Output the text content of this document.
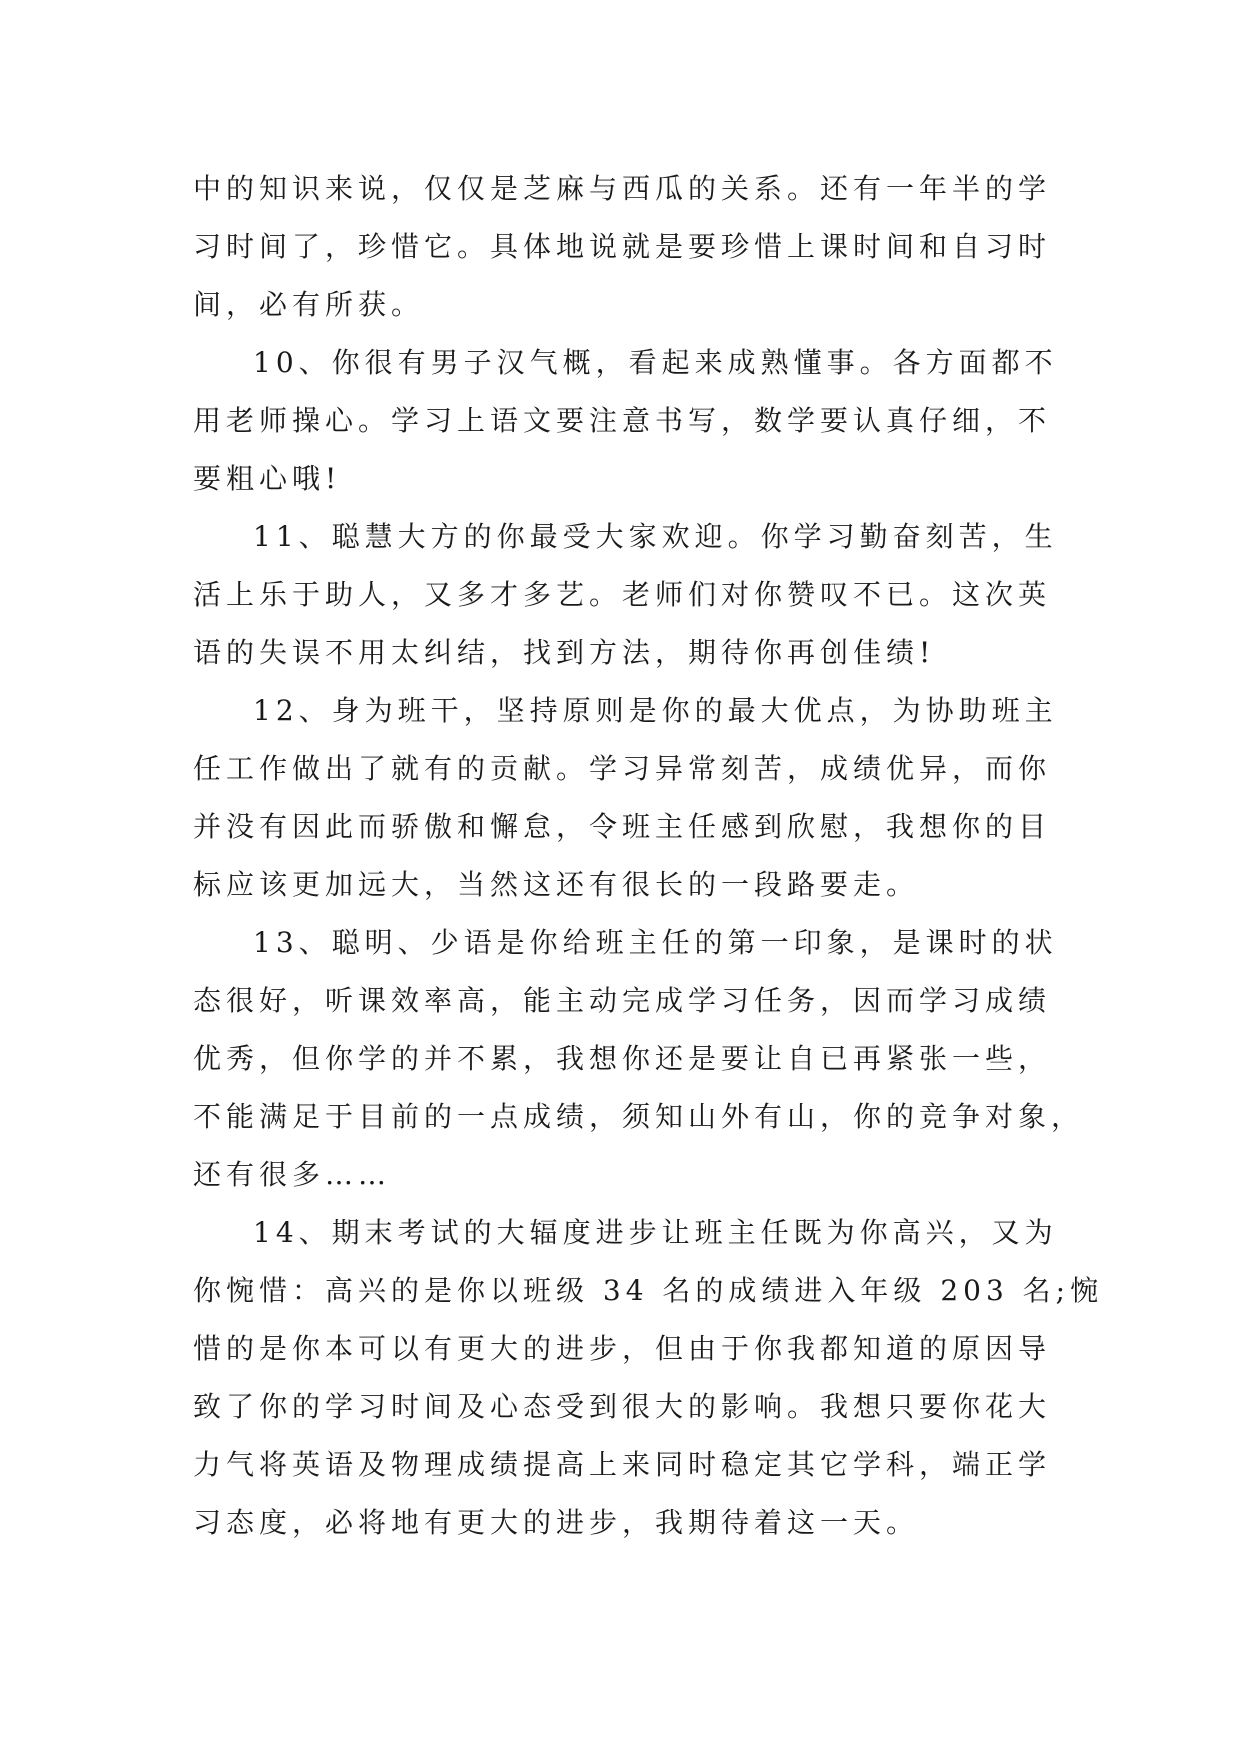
中的知识来说，仅仅是芝麻与西瓜的关系。还有一年半的学
习时间了，珍惜它。具体地说就是要珍惜上课时间和自习时
间，必有所获。

10、你很有男子汉气概，看起来成熟懂事。各方面都不
用老师操心。学习上语文要注意书写，数学要认真仔细，不
要粗心哦!

11、聪慧大方的你最受大家欢迎。你学习勤奋刻苦，生
活上乐于助人，又多才多艺。老师们对你赞叹不已。这次英
语的失误不用太纠结，找到方法，期待你再创佳绩!

12、身为班干，坚持原则是你的最大优点，为协助班主
任工作做出了就有的贡献。学习异常刻苦，成绩优异，而你
并没有因此而骄傲和懈怠，令班主任感到欣慰，我想你的目
标应该更加远大，当然这还有很长的一段路要走。

13、聪明、少语是你给班主任的第一印象，是课时的状
态很好，听课效率高，能主动完成学习任务，因而学习成绩
优秀，但你学的并不累，我想你还是要让自已再紧张一些，
不能满足于目前的一点成绩，须知山外有山，你的竞争对象，
还有很多……

14、期末考试的大辐度进步让班主任既为你高兴，又为
你惋惜：高兴的是你以班级 34 名的成绩进入年级 203 名;惋
惜的是你本可以有更大的进步，但由于你我都知道的原因导
致了你的学习时间及心态受到很大的影响。我想只要你花大
力气将英语及物理成绩提高上来同时稳定其它学科，端正学
习态度，必将地有更大的进步，我期待着这一天。
